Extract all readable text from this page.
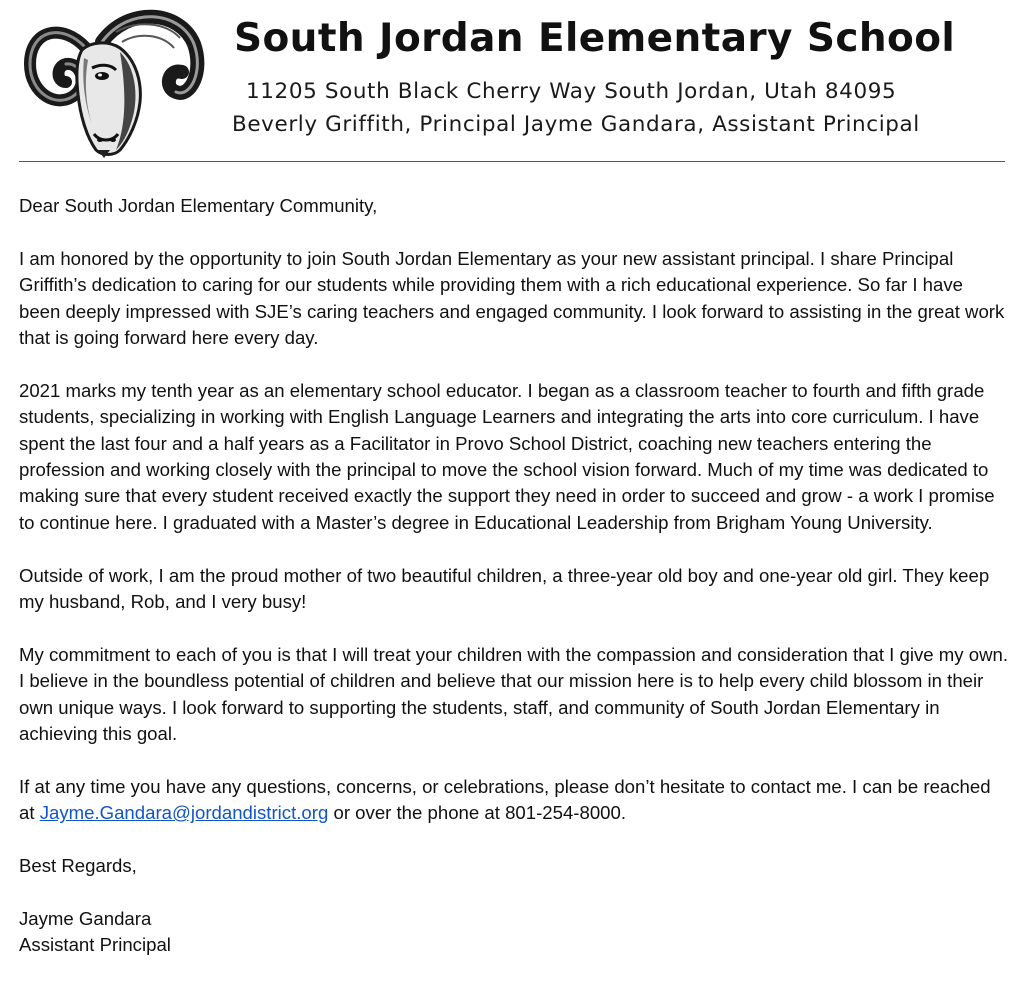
South Jordan Elementary School
11205 South Black Cherry Way South Jordan, Utah 84095
Beverly Griffith, Principal Jayme Gandara, Assistant Principal

Dear South Jordan Elementary Community,

I am honored by the opportunity to join South Jordan Elementary as your new assistant principal. I share Principal Griffith’s dedication to caring for our students while providing them with a rich educational experience. So far I have been deeply impressed with SJE’s caring teachers and engaged community. I look forward to assisting in the great work that is going forward here every day.

2021 marks my tenth year as an elementary school educator. I began as a classroom teacher to fourth and fifth grade students, specializing in working with English Language Learners and integrating the arts into core curriculum. I have spent the last four and a half years as a Facilitator in Provo School District, coaching new teachers entering the profession and working closely with the principal to move the school vision forward. Much of my time was dedicated to making sure that every student received exactly the support they need in order to succeed and grow - a work I promise to continue here. I graduated with a Master’s degree in Educational Leadership from Brigham Young University.

Outside of work, I am the proud mother of two beautiful children, a three-year old boy and one-year old girl. They keep my husband, Rob, and I very busy!

My commitment to each of you is that I will treat your children with the compassion and consideration that I give my own. I believe in the boundless potential of children and believe that our mission here is to help every child blossom in their own unique ways. I look forward to supporting the students, staff, and community of South Jordan Elementary in achieving this goal.

If at any time you have any questions, concerns, or celebrations, please don’t hesitate to contact me. I can be reached at Jayme.Gandara@jordandistrict.org or over the phone at 801-254-8000.

Best Regards,

Jayme Gandara

Assistant Principal
